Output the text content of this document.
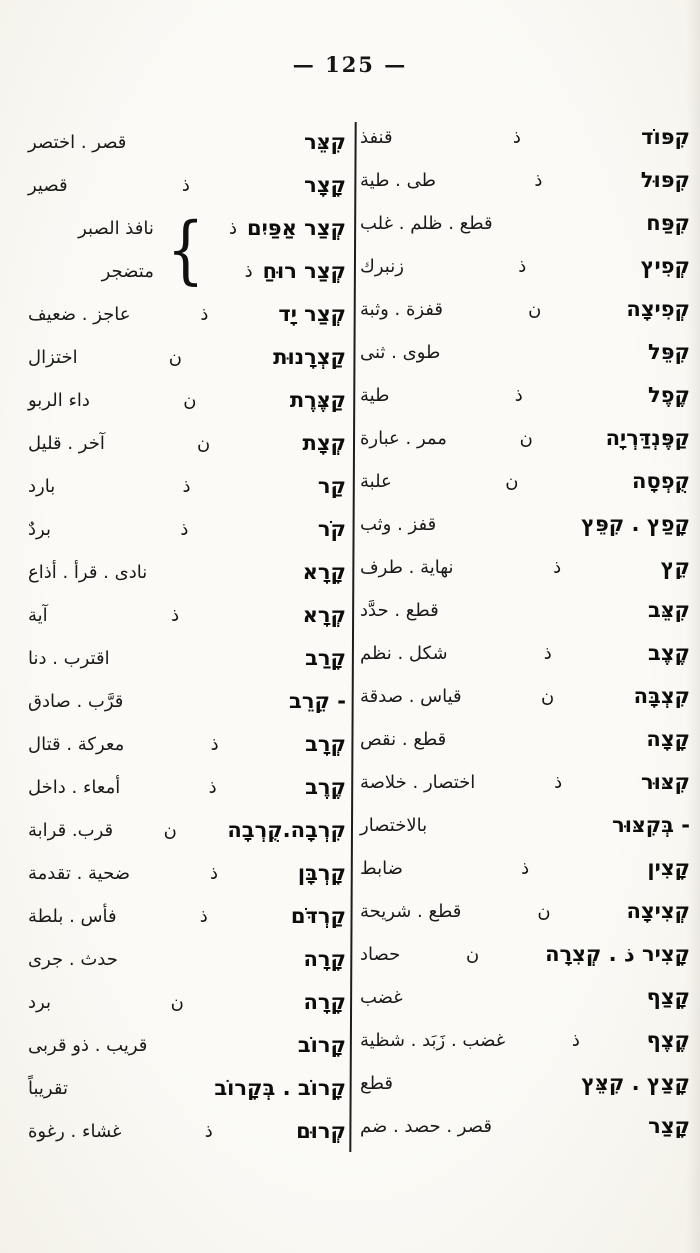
— 125 —
קִפּוֹד
ذ
قنفذ
קִפּוּל
ذ
طى . طية
קִפַּח
قطع . ظلم . غلب
קְפִיץ
ذ
زنبرك
קְפִיצָה
ن
قفزة . وثبة
קִפֵּל
طوى . ثنى
קֶפֶל
ذ
طية
קַפֶּנְדַּרְיָה
ن
ممر . عبارة
קֻפְסָה
ن
علبة
קָפַץ . קִפֵּץ
قفز . وثب
קֵץ
ذ
نهاية . طرف
קִצֵּב
قطع . حدَّد
קֶצֶב
ذ
شكل . نظم
קִצְבָּה
ن
قياس . صدقة
קָצָה
قطع . نقص
קִצּוּר
ذ
اختصار . خلاصة
- בְּקִצּוּר
بالاختصار
קָצִין
ذ
ضابط
קְצִיצָה
ن
قطع . شريحة
קָצִיר ذ . קְצִרָה
ن
حصاد
קָצַף
غضب
קֶצֶף
ذ
غضب . زَبَد . شظية
קָצַץ . קִצֵּץ
قطع
קָצַר
قصر . حصد . ضم
קִצֵּר
قصر . اختصر
קָצָר
ذ
قصير
קְצַר אַפַּיִם
ذ
קְצַר רוּחַ
ذ
{
نافذ الصبر
متضجر
קְצַר יָד
ذ
عاجز . ضعيف
קַצְרָנוּת
ن
اختزال
קַצֶּרֶת
ن
داء الربو
קְצָת
ن
آخر . قليل
קַר
ذ
بارد
קֹר
ذ
بردٌ
קָרָא
نادى . قرأ . أذاع
קְרָא
ذ
آية
קָרַב
اقترب . دنا
- קֵרֵב
قرَّب . صادق
קְרָב
ذ
معركة . قتال
קֶרֶב
ذ
أمعاء . داخل
קִרְבָה.קֻרְבָה
ن
قرب. قرابة
קָרְבָּן
ذ
ضحية . تقدمة
קַרְדֹּם
ذ
فأس . بلطة
קָרָה
حدث . جرى
קָרָה
ن
برد
קָרוֹב
قريب . ذو قربى
קָרוֹב . בְּקָרוֹב
تقريباً
קְרוּם
ذ
غشاء . رغوة
